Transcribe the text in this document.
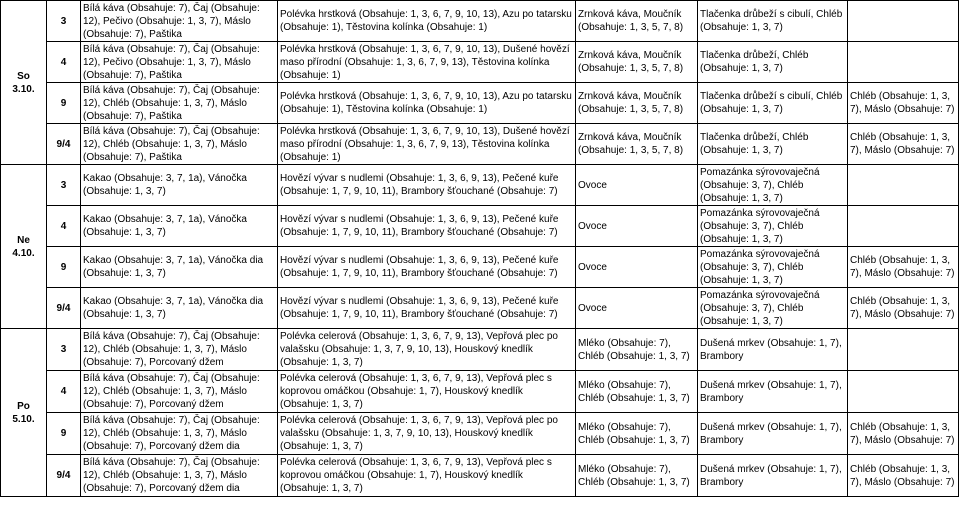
So
3.10.	3	Bílá káva (Obsahuje: 7), Čaj (Obsahuje: 12), Pečivo (Obsahuje: 1, 3, 7), Máslo (Obsahuje: 7), Paštika	Polévka hrstková (Obsahuje: 1, 3, 6, 7, 9, 10, 13), Azu po tatarsku (Obsahuje: 1), Těstovina kolínka (Obsahuje: 1)	Zrnková káva, Moučník (Obsahuje: 1, 3, 5, 7, 8)	Tlačenka drůbeží s cibulí, Chléb (Obsahuje: 1, 3, 7)	
	4	Bílá káva (Obsahuje: 7), Čaj (Obsahuje: 12), Pečivo (Obsahuje: 1, 3, 7), Máslo (Obsahuje: 7), Paštika	Polévka hrstková (Obsahuje: 1, 3, 6, 7, 9, 10, 13), Dušené hovězí maso přírodní (Obsahuje: 1, 3, 6, 7, 9, 13), Těstovina kolínka (Obsahuje: 1)	Zrnková káva, Moučník (Obsahuje: 1, 3, 5, 7, 8)	Tlačenka drůbeží, Chléb (Obsahuje: 1, 3, 7)	
	9	Bílá káva (Obsahuje: 7), Čaj (Obsahuje: 12), Chléb (Obsahuje: 1, 3, 7), Máslo (Obsahuje: 7), Paštika	Polévka hrstková (Obsahuje: 1, 3, 6, 7, 9, 10, 13), Azu po tatarsku (Obsahuje: 1), Těstovina kolínka (Obsahuje: 1)	Zrnková káva, Moučník (Obsahuje: 1, 3, 5, 7, 8)	Tlačenka drůbeží s cibulí, Chléb (Obsahuje: 1, 3, 7)	Chléb (Obsahuje: 1, 3, 7), Máslo (Obsahuje: 7)
	9/4	Bílá káva (Obsahuje: 7), Čaj (Obsahuje: 12), Chléb (Obsahuje: 1, 3, 7), Máslo (Obsahuje: 7), Paštika	Polévka hrstková (Obsahuje: 1, 3, 6, 7, 9, 10, 13), Dušené hovězí maso přírodní (Obsahuje: 1, 3, 6, 7, 9, 13), Těstovina kolínka (Obsahuje: 1)	Zrnková káva, Moučník (Obsahuje: 1, 3, 5, 7, 8)	Tlačenka drůbeží, Chléb (Obsahuje: 1, 3, 7)	Chléb (Obsahuje: 1, 3, 7), Máslo (Obsahuje: 7)

Ne
4.10.	3	Kakao (Obsahuje: 3, 7, 1a), Vánočka (Obsahuje: 1, 3, 7)	Hovězí vývar s nudlemi (Obsahuje: 1, 3, 6, 9, 13), Pečené kuře (Obsahuje: 1, 7, 9, 10, 11), Brambory šťouchané (Obsahuje: 7)	Ovoce	Pomazánka sýrovovaječná (Obsahuje: 3, 7), Chléb (Obsahuje: 1, 3, 7)	
	4	Kakao (Obsahuje: 3, 7, 1a), Vánočka (Obsahuje: 1, 3, 7)	Hovězí vývar s nudlemi (Obsahuje: 1, 3, 6, 9, 13), Pečené kuře (Obsahuje: 1, 7, 9, 10, 11), Brambory šťouchané (Obsahuje: 7)	Ovoce	Pomazánka sýrovovaječná (Obsahuje: 3, 7), Chléb (Obsahuje: 1, 3, 7)	
	9	Kakao (Obsahuje: 3, 7, 1a), Vánočka dia (Obsahuje: 1, 3, 7)	Hovězí vývar s nudlemi (Obsahuje: 1, 3, 6, 9, 13), Pečené kuře (Obsahuje: 1, 7, 9, 10, 11), Brambory šťouchané (Obsahuje: 7)	Ovoce	Pomazánka sýrovovaječná (Obsahuje: 3, 7), Chléb (Obsahuje: 1, 3, 7)	Chléb (Obsahuje: 1, 3, 7), Máslo (Obsahuje: 7)
	9/4	Kakao (Obsahuje: 3, 7, 1a), Vánočka dia (Obsahuje: 1, 3, 7)	Hovězí vývar s nudlemi (Obsahuje: 1, 3, 6, 9, 13), Pečené kuře (Obsahuje: 1, 7, 9, 10, 11), Brambory šťouchané (Obsahuje: 7)	Ovoce	Pomazánka sýrovovaječná (Obsahuje: 3, 7), Chléb (Obsahuje: 1, 3, 7)	Chléb (Obsahuje: 1, 3, 7), Máslo (Obsahuje: 7)

Po
5.10.	3	Bílá káva (Obsahuje: 7), Čaj (Obsahuje: 12), Chléb (Obsahuje: 1, 3, 7), Máslo (Obsahuje: 7), Porcovaný džem	Polévka celerová (Obsahuje: 1, 3, 6, 7, 9, 13), Vepřová plec po valašsku (Obsahuje: 1, 3, 7, 9, 10, 13), Houskový knedlík (Obsahuje: 1, 3, 7)	Mléko (Obsahuje: 7), Chléb (Obsahuje: 1, 3, 7)	Dušená mrkev (Obsahuje: 1, 7), Brambory	
	4	Bílá káva (Obsahuje: 7), Čaj (Obsahuje: 12), Chléb (Obsahuje: 1, 3, 7), Máslo (Obsahuje: 7), Porcovaný džem	Polévka celerová (Obsahuje: 1, 3, 6, 7, 9, 13), Vepřová plec s koprovou omáčkou (Obsahuje: 1, 7), Houskový knedlík (Obsahuje: 1, 3, 7)	Mléko (Obsahuje: 7), Chléb (Obsahuje: 1, 3, 7)	Dušená mrkev (Obsahuje: 1, 7), Brambory	
	9	Bílá káva (Obsahuje: 7), Čaj (Obsahuje: 12), Chléb (Obsahuje: 1, 3, 7), Máslo (Obsahuje: 7), Porcovaný džem dia	Polévka celerová (Obsahuje: 1, 3, 6, 7, 9, 13), Vepřová plec po valašsku (Obsahuje: 1, 3, 7, 9, 10, 13), Houskový knedlík (Obsahuje: 1, 3, 7)	Mléko (Obsahuje: 7), Chléb (Obsahuje: 1, 3, 7)	Dušená mrkev (Obsahuje: 1, 7), Brambory	Chléb (Obsahuje: 1, 3, 7), Máslo (Obsahuje: 7)
	9/4	Bílá káva (Obsahuje: 7), Čaj (Obsahuje: 12), Chléb (Obsahuje: 1, 3, 7), Máslo (Obsahuje: 7), Porcovaný džem dia	Polévka celerová (Obsahuje: 1, 3, 6, 7, 9, 13), Vepřová plec s koprovou omáčkou (Obsahuje: 1, 7), Houskový knedlík (Obsahuje: 1, 3, 7)	Mléko (Obsahuje: 7), Chléb (Obsahuje: 1, 3, 7)	Dušená mrkev (Obsahuje: 1, 7), Brambory	Chléb (Obsahuje: 1, 3, 7), Máslo (Obsahuje: 7)
